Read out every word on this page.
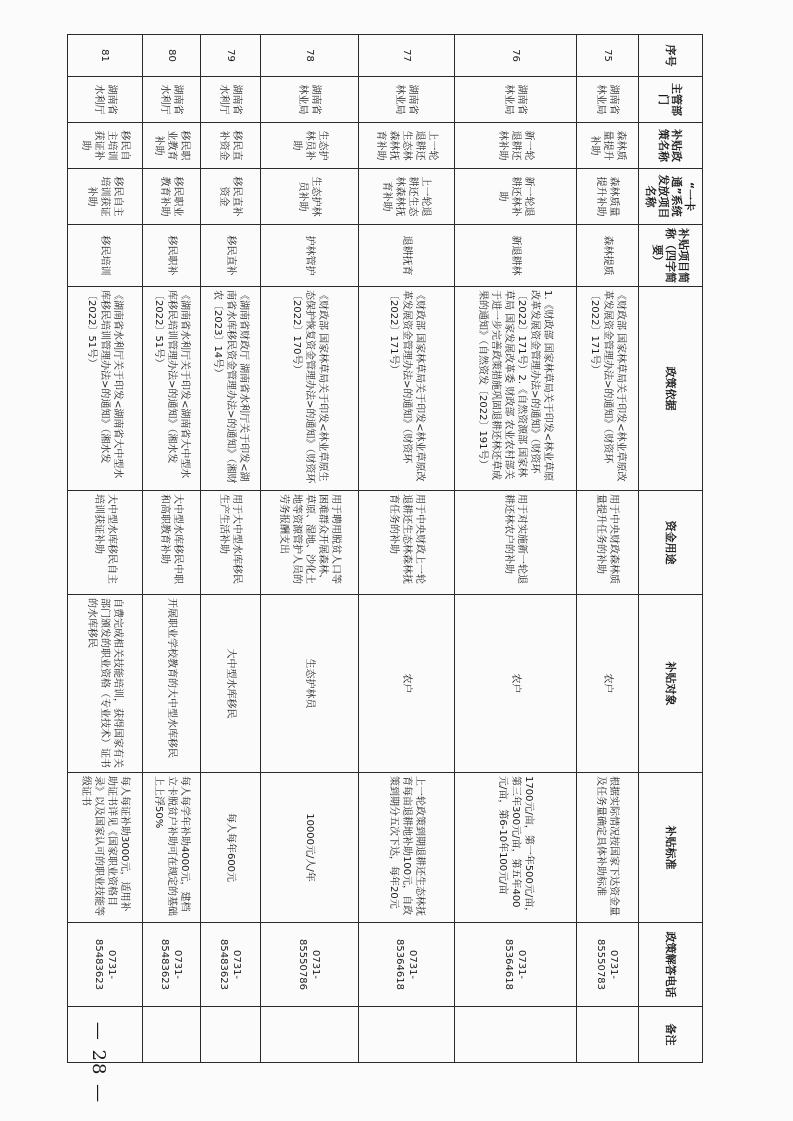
序号	主管部门	补贴政策名称	“一卡通”系统发放项目名称	补贴项目简称（四字简要）	政策依据	资金用途	补贴对象	补贴标准	政策解答电话	备注
75	湖南省林业局	森林质量提升补助	森林质量提升补助	森林提质	《财政部 国家林草局关于印发<林业草原改革发展资金管理办法>的通知》（财资环〔2022〕171号）	用于中央财政森林质量提升任务的补助	农户	根据实际情况按国家下达资金量及任务量确定具体补助标准	0731-85550783	
76	湖南省林业局	新一轮退耕还林补助	新一轮退耕还林补助	新退耕林	1.《财政部 国家林草局关于印发<林业草原改革发展资金管理办法>的通知》（财资环〔2022〕171号）2.《自然资源部 国家林草局 国家发展改革委 财政部 农业农村部关于进一步完善政策措施巩固退耕还林还草成果的通知》（自然资发〔2022〕191号）	用于对实施新一轮退耕还林农户的补助	农户	1700元/亩，第一年500元/亩，第三年300元/亩，第五年400元/亩，第6-10年100元/亩	0731-85364618	
77	湖南省林业局	上一轮退耕还生态林森林抚育补助	上一轮退耕还生态林森林抚育补助	退耕抚育	《财政部 国家林草局关于印发<林业草原改革发展资金管理办法>的通知》（财资环〔2022〕171号）	用于中央财政上一轮退耕还生态林森林抚育任务的补助	农户	上一轮政策到期退耕还生态林抚育每亩退耕地补助100元，自政策到期分五次下达，每年20元	0731-85364618	
78	湖南省林业局	生态护林员补助	生态护林员补助	护林管护	《财政部 国家林草局关于印发<林业草原生态保护恢复资金管理办法>的通知》（财资环〔2022〕170号）	用于聘用脱贫人口等困难群众开展森林、草原、湿地、沙化土地等资源管护人员的劳务报酬支出	生态护林员	10000元/人/年	0731-85550786	
79	湖南省水利厅	移民直补资金	移民直补资金	移民直补	《湖南省财政厅 湖南省水利厅关于印发<湖南省水库移民资金管理办法>的通知》（湘财农〔2023〕14号）	用于大中型水库移民生产生活补助	大中型水库移民	每人每年600元	0731-85483623	
80	湖南省水利厅	移民职业教育补助	移民职业教育补助	移民职补	《湖南省水利厅关于印发<湖南省大中型水库移民培训管理办法>的通知》（湘水发〔2022〕51号）	大中型水库移民中职和高职教育补助	开展职业学校教育的大中型水库移民	每人每学年补助4000元，建档立卡脱贫户补助可在规定的基础上上浮50%	0731-85483623	
81	湖南省水利厅	移民自主培训获证补助	移民自主培训获证补助	移民培训	《湖南省水利厅关于印发<湖南省大中型水库移民培训管理办法>的通知》（湘水发〔2022〕51号）	大中型水库移民自主培训获证补助	自费完成相关技能培训，获得国家有关部门颁发的职业资格（专业技术）证书的水库移民	每人每证补助3000元，适用补助证书详见《国家职业资格目录》以及国家认可的职业技能等级证书	0731-85483623	
— 28 —
